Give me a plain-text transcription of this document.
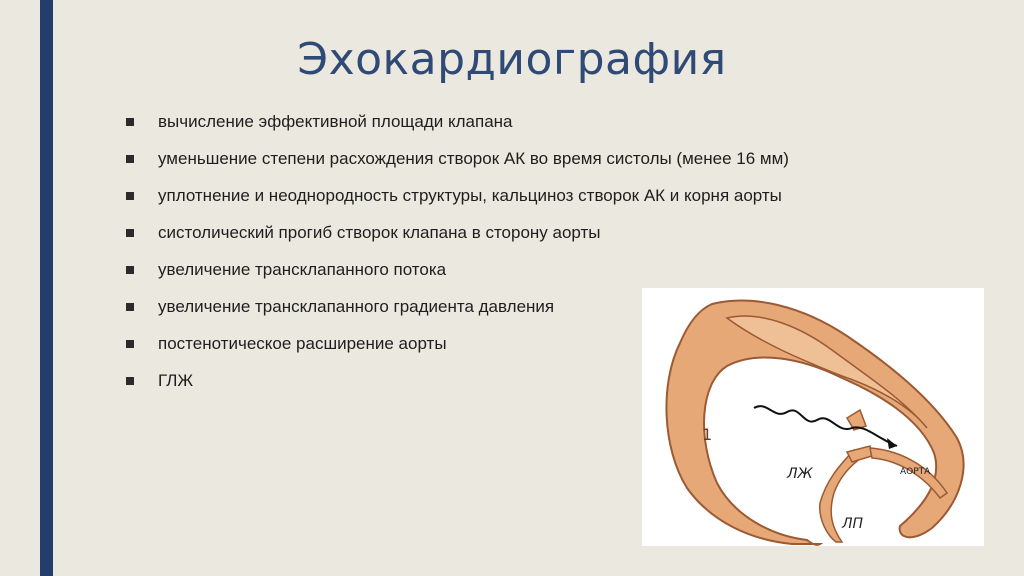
Эхокардиография
вычисление эффективной площади клапана
уменьшение степени расхождения створок АК во время систолы (менее 16 мм)
уплотнение и неоднородность структуры, кальциноз створок АК и корня аорты
систолический прогиб створок клапана в сторону аорты
увеличение трансклапанного потока
увеличение трансклапанного градиента давления
постенотическое расширение аорты
ГЛЖ
1
ЛЖ
ЛП
АОРТА
